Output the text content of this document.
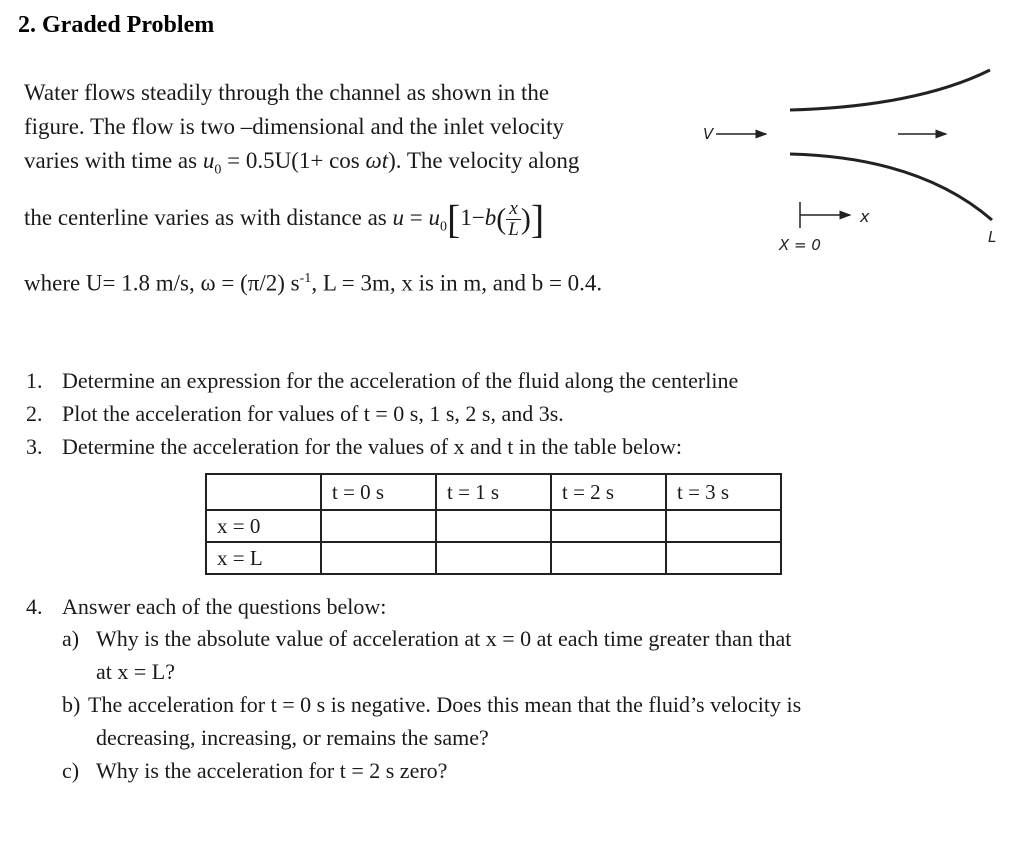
2. Graded Problem
Water flows steadily through the channel as shown in the
figure. The flow is two –dimensional and the inlet velocity
varies with time as $u_0 = 0.5U(1+ \cos \omega t)$. The velocity along
the centerline varies as with distance as $u = u_0[1-b( \frac{x}{L}$ )]
where U= 1.8 m/s, ω = (π/2) $s^{-1}$, L = 3m, x is in m, and b = 0.4.
V
x
X = 0	L
1. Determine an expression for the acceleration of the fluid along the centerline
2. Plot the acceleration for values of t = 0 s, 1 s, 2 s, and 3s.
3. Determine the acceleration for the values of x and t in the table below:
	t = 0 s	t = 1 s	t = 2 s	t = 3 s
x = 0				
x = L				
4. Answer each of the questions below:
a) Why is the absolute value of acceleration at x = 0 at each time greater than that
at x = L?
b) The acceleration for t = 0 s is negative. Does this mean that the fluid’s velocity is
decreasing, increasing, or remains the same?
c) Why is the acceleration for t = 2 s zero?
